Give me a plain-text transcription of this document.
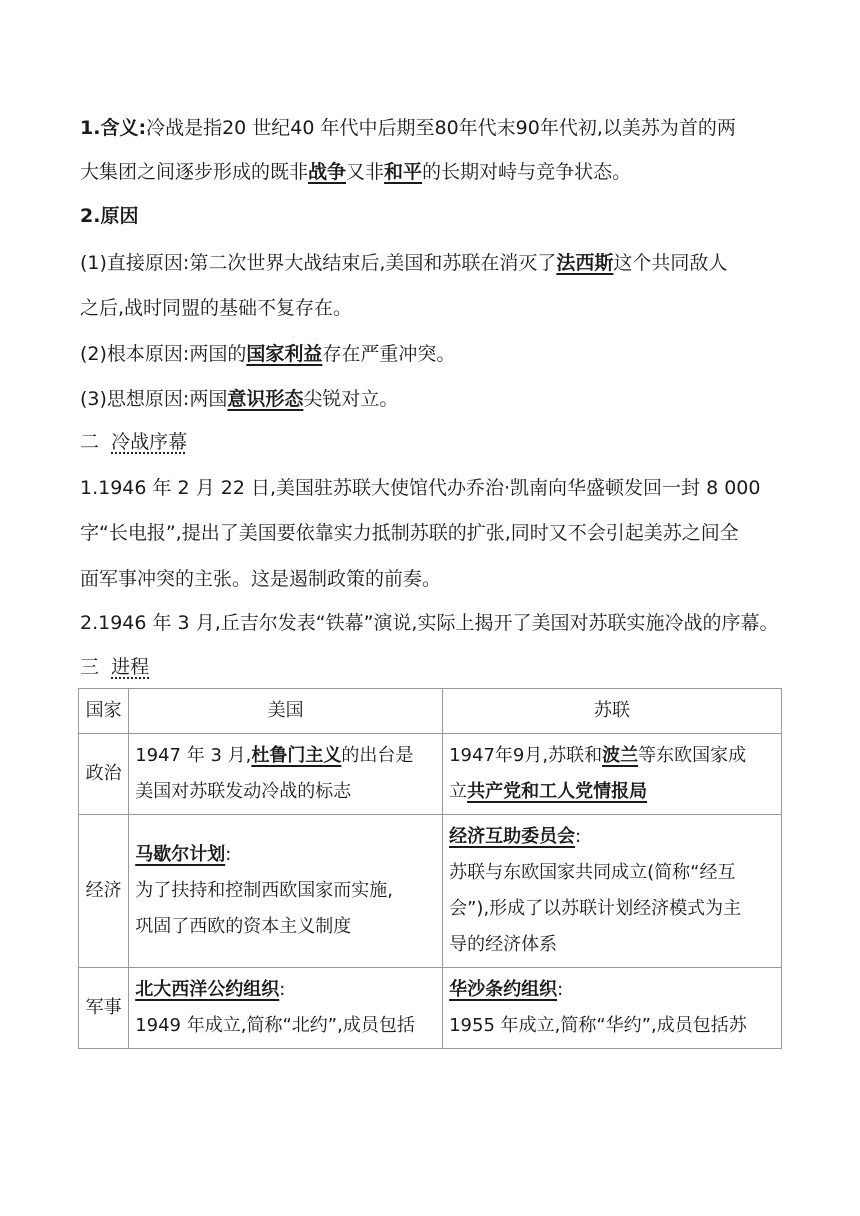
1.含义:冷战是指20 世纪40 年代中后期至80年代末90年代初,以美苏为首的两
大集团之间逐步形成的既非战争又非和平的长期对峙与竞争状态。
2.原因
(1)直接原因:第二次世界大战结束后,美国和苏联在消灭了法西斯这个共同敌人
之后,战时同盟的基础不复存在。
(2)根本原因:两国的国家利益存在严重冲突。
(3)思想原因:两国意识形态尖锐对立。
二 冷战序幕
1.1946 年 2 月 22 日,美国驻苏联大使馆代办乔治·凯南向华盛顿发回一封 8 000
字“长电报”,提出了美国要依靠实力抵制苏联的扩张,同时又不会引起美苏之间全
面军事冲突的主张。这是遏制政策的前奏。
2.1946 年 3 月,丘吉尔发表“铁幕”演说,实际上揭开了美国对苏联实施冷战的序幕。
三 进程
国家	美国	苏联
政治	1947 年 3 月,杜鲁门主义的出台是
美国对苏联发动冷战的标志	1947年9月,苏联和波兰等东欧国家成
立共产党和工人党情报局

经济	马歇尔计划:
为了扶持和控制西欧国家而实施,
巩固了西欧的资本主义制度	经济互助委员会:
苏联与东欧国家共同成立(简称“经互
会”),形成了以苏联计划经济模式为主
导的经济体系

军事	北大西洋公约组织:
1949 年成立,简称“北约”,成员包括	华沙条约组织:
1955 年成立,简称“华约”,成员包括苏
